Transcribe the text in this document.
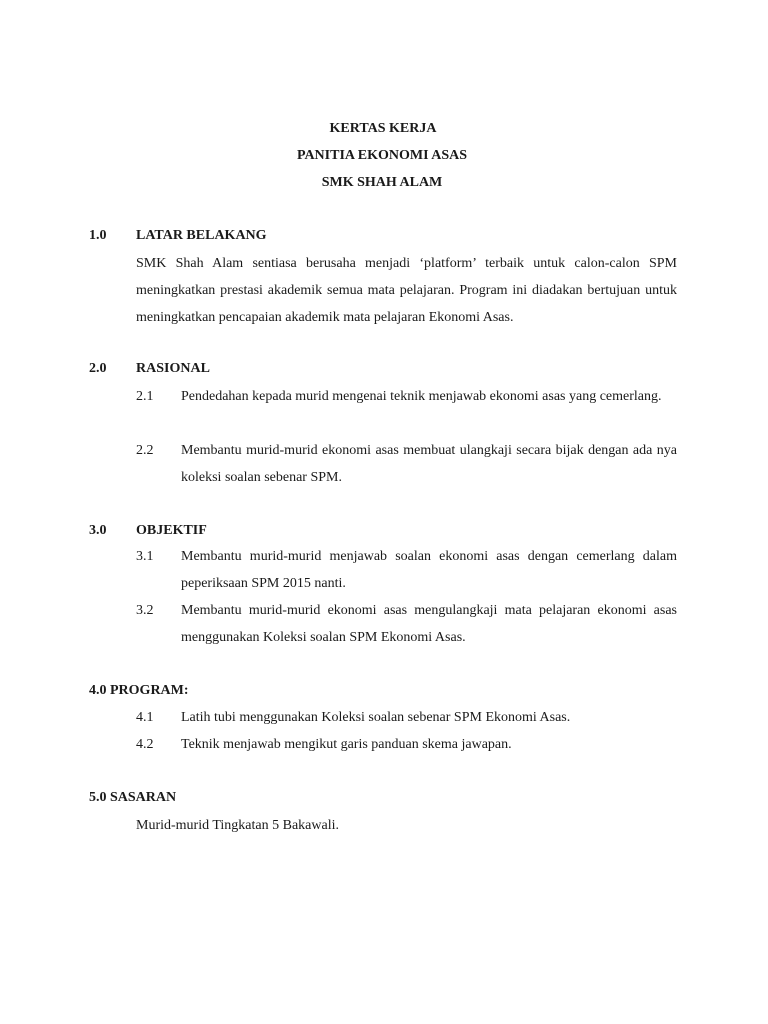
KERTAS KERJA
PANITIA EKONOMI ASAS
SMK SHAH ALAM
1.0 LATAR BELAKANG
SMK Shah Alam sentiasa berusaha menjadi ‘platform’ terbaik untuk calon-calon SPM meningkatkan prestasi akademik semua mata pelajaran. Program ini diadakan bertujuan untuk meningkatkan pencapaian akademik mata pelajaran Ekonomi Asas.
2.0 RASIONAL
2.1 Pendedahan kepada murid mengenai teknik menjawab ekonomi asas yang cemerlang.
2.2 Membantu murid-murid ekonomi asas membuat ulangkaji secara bijak dengan ada nya koleksi soalan sebenar SPM.
3.0 OBJEKTIF
3.1 Membantu murid-murid menjawab soalan ekonomi asas dengan cemerlang dalam peperiksaan SPM 2015 nanti.
3.2 Membantu murid-murid ekonomi asas mengulangkaji mata pelajaran ekonomi asas menggunakan Koleksi soalan SPM Ekonomi Asas.
4.0 PROGRAM:
4.1 Latih tubi menggunakan Koleksi soalan sebenar SPM Ekonomi Asas.
4.2 Teknik menjawab mengikut garis panduan skema jawapan.
5.0 SASARAN
Murid-murid Tingkatan 5 Bakawali.
